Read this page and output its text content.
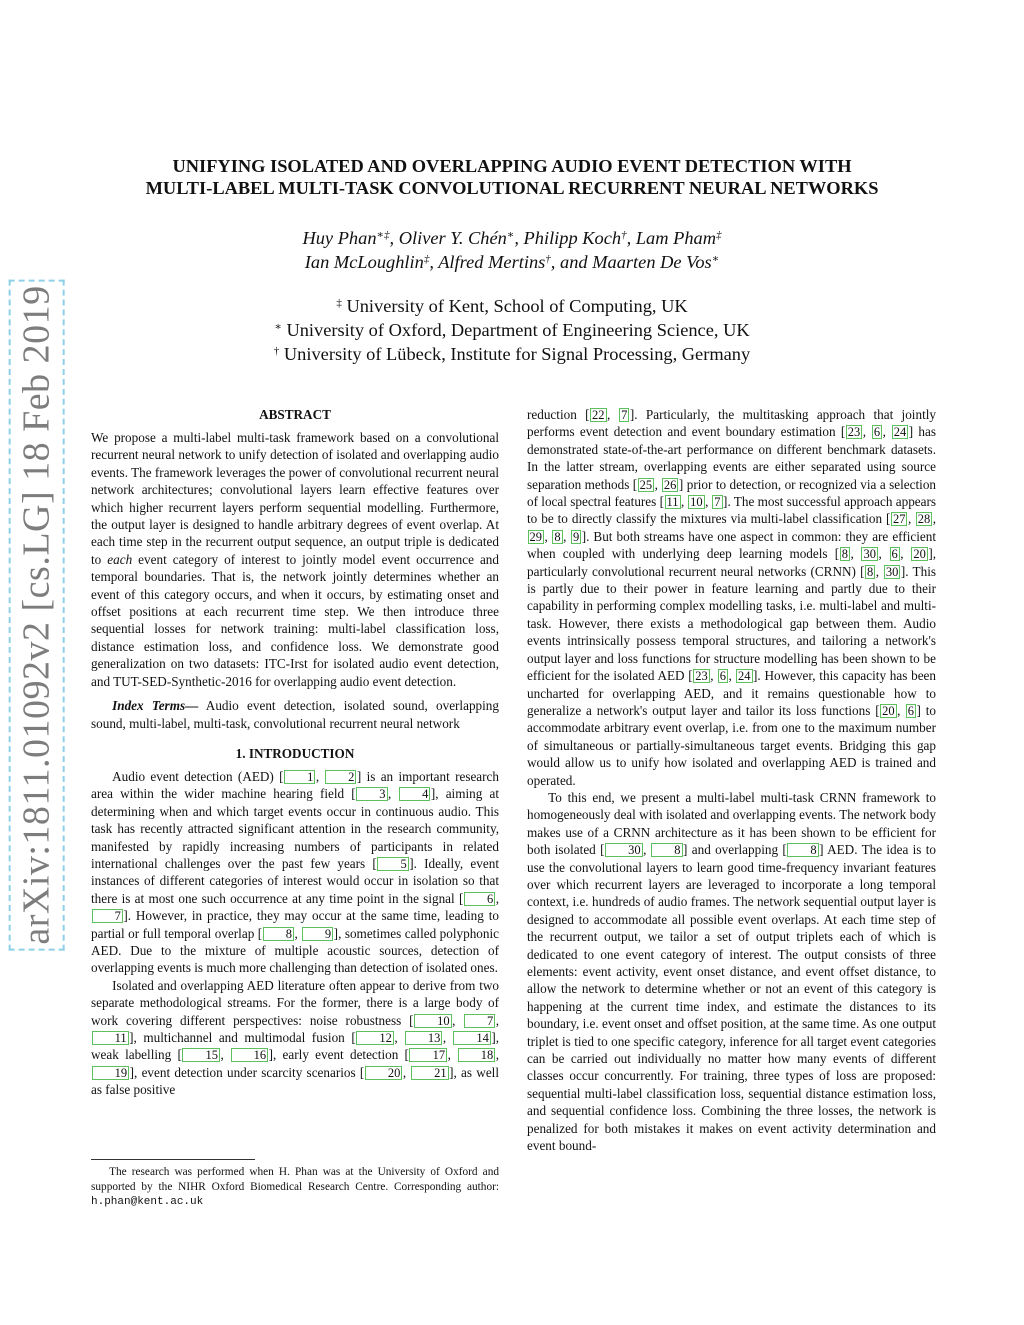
arXiv:1811.01092v2 [cs.LG] 18 Feb 2019
UNIFYING ISOLATED AND OVERLAPPING AUDIO EVENT DETECTION WITH
MULTI-LABEL MULTI-TASK CONVOLUTIONAL RECURRENT NEURAL NETWORKS
Huy Phan∗‡, Oliver Y. Chén∗, Philipp Koch†, Lam Pham‡
Ian McLoughlin‡, Alfred Mertins†, and Maarten De Vos∗
‡ University of Kent, School of Computing, UK
∗ University of Oxford, Department of Engineering Science, UK
† University of Lübeck, Institute for Signal Processing, Germany
ABSTRACT

We propose a multi-label multi-task framework based on a convolutional recurrent neural network to unify detection of isolated and overlapping audio events. The framework leverages the power of convolutional recurrent neural network architectures; convolutional layers learn effective features over which higher recurrent layers perform sequential modelling. Furthermore, the output layer is designed to handle arbitrary degrees of event overlap. At each time step in the recurrent output sequence, an output triple is dedicated to each event category of interest to jointly model event occurrence and temporal boundaries. That is, the network jointly determines whether an event of this category occurs, and when it occurs, by estimating onset and offset positions at each recurrent time step. We then introduce three sequential losses for network training: multi-label classification loss, distance estimation loss, and confidence loss. We demonstrate good generalization on two datasets: ITC-Irst for isolated audio event detection, and TUT-SED-Synthetic-2016 for overlapping audio event detection.

Index Terms— Audio event detection, isolated sound, overlapping sound, multi-label, multi-task, convolutional recurrent neural network

1. INTRODUCTION

Audio event detection (AED) [ 1 , 2 ] is an important research area within the wider machine hearing field [ 3 , 4 ], aiming at determining when and which target events occur in continuous audio. This task has recently attracted significant attention in the research community, manifested by rapidly increasing numbers of participants in related international challenges over the past few years [ 5 ]. Ideally, event instances of different categories of interest would occur in isolation so that there is at most one such occurrence at any time point in the signal [ 6 , 7 ]. However, in practice, they may occur at the same time, leading to partial or full temporal overlap [ 8 , 9 ], sometimes called polyphonic AED. Due to the mixture of multiple acoustic sources, detection of overlapping events is much more challenging than detection of isolated ones.

Isolated and overlapping AED literature often appear to derive from two separate methodological streams. For the former, there is a large body of work covering different perspectives: noise robustness [ 10 , 7 , 11 ], multichannel and multimodal fusion [ 12 , 13 , 14 ], weak labelling [ 15 , 16 ], early event detection [ 17 , 18 , 19 ], event detection under scarcity scenarios [ 20 , 21 ], as well as false positive

reduction [ 22 , 7 ]. Particularly, the multitasking approach that jointly performs event detection and event boundary estimation [ 23 , 6 , 24 ] has demonstrated state-of-the-art performance on different benchmark datasets. In the latter stream, overlapping events are either separated using source separation methods [ 25 , 26 ] prior to detection, or recognized via a selection of local spectral features [ 11 , 10 , 7 ]. The most successful approach appears to be to directly classify the mixtures via multi-label classification [ 27 , 28 , 29 , 8 , 9 ]. But both streams have one aspect in common: they are efficient when coupled with underlying deep learning models [ 8 , 30 , 6 , 20 ], particularly convolutional recurrent neural networks (CRNN) [ 8 , 30 ]. This is partly due to their power in feature learning and partly due to their capability in performing complex modelling tasks, i.e. multi-label and multi-task. However, there exists a methodological gap between them. Audio events intrinsically possess temporal structures, and tailoring a network's output layer and loss functions for structure modelling has been shown to be efficient for the isolated AED [ 23 , 6 , 24 ]. However, this capacity has been uncharted for overlapping AED, and it remains questionable how to generalize a network's output layer and tailor its loss functions [ 20 , 6 ] to accommodate arbitrary event overlap, i.e. from one to the maximum number of simultaneous or partially-simultaneous target events. Bridging this gap would allow us to unify how isolated and overlapping AED is trained and operated.

To this end, we present a multi-label multi-task CRNN framework to homogeneously deal with isolated and overlapping events. The network body makes use of a CRNN architecture as it has been shown to be efficient for both isolated [ 30 , 8 ] and overlapping [ 8 ] AED. The idea is to use the convolutional layers to learn good time-frequency invariant features over which recurrent layers are leveraged to incorporate a long temporal context, i.e. hundreds of audio frames. The network sequential output layer is designed to accommodate all possible event overlaps. At each time step of the recurrent output, we tailor a set of output triplets each of which is dedicated to one event category of interest. The output consists of three elements: event activity, event onset distance, and event offset distance, to allow the network to determine whether or not an event of this category is happening at the current time index, and estimate the distances to its boundary, i.e. event onset and offset position, at the same time. As one output triplet is tied to one specific category, inference for all target event categories can be carried out individually no matter how many events of different classes occur concurrently. For training, three types of loss are proposed: sequential multi-label classification loss, sequential distance estimation loss, and sequential confidence loss. Combining the three losses, the network is penalized for both mistakes it makes on event activity determination and event bound-

The research was performed when H. Phan was at the University of Oxford and supported by the NIHR Oxford Biomedical Research Centre. Corresponding author: h.phan@kent.ac.uk
